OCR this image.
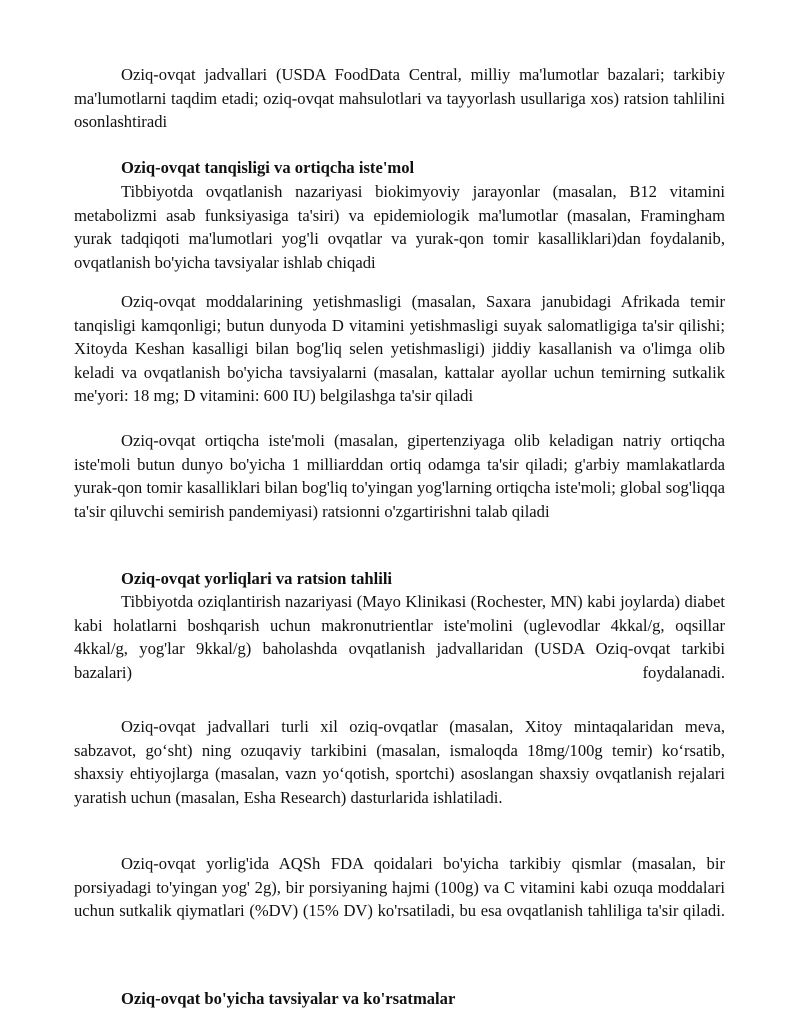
Oziq-ovqat jadvallari (USDA FoodData Central, milliy ma'lumotlar bazalari; tarkibiy ma'lumotlarni taqdim etadi; oziq-ovqat mahsulotlari va tayyorlash usullariga xos) ratsion tahlilini osonlashtiradi

Oziq-ovqat tanqisligi va ortiqcha iste'mol

Tibbiyotda ovqatlanish nazariyasi biokimyoviy jarayonlar (masalan, B12 vitamini metabolizmi asab funksiyasiga ta'siri) va epidemiologik ma'lumotlar (masalan, Framingham yurak tadqiqoti ma'lumotlari yog'li ovqatlar va yurak-qon tomir kasalliklari)dan foydalanib, ovqatlanish bo'yicha tavsiyalar ishlab chiqadi

Oziq-ovqat moddalarining yetishmasligi (masalan, Saxara janubidagi Afrikada temir tanqisligi kamqonligi; butun dunyoda D vitamini yetishmasligi suyak salomatligiga ta'sir qilishi; Xitoyda Keshan kasalligi bilan bog'liq selen yetishmasligi) jiddiy kasallanish va o'limga olib keladi va ovqatlanish bo'yicha tavsiyalarni (masalan, kattalar ayollar uchun temirning sutkalik me'yori: 18 mg; D vitamini: 600 IU) belgilashga ta'sir qiladi

Oziq-ovqat ortiqcha iste'moli (masalan, gipertenziyaga olib keladigan natriy ortiqcha iste'moli butun dunyo bo'yicha 1 milliarddan ortiq odamga ta'sir qiladi; g'arbiy mamlakatlarda yurak-qon tomir kasalliklari bilan bog'liq to'yingan yog'larning ortiqcha iste'moli; global sog'liqqa ta'sir qiluvchi semirish pandemiyasi) ratsionni o'zgartirishni talab qiladi

Oziq-ovqat yorliqlari va ratsion tahlili

Tibbiyotda oziqlantirish nazariyasi (Mayo Klinikasi (Rochester, MN) kabi joylarda) diabet kabi holatlarni boshqarish uchun makronutrientlar iste'molini (uglevodlar 4kkal/g, oqsillar 4kkal/g, yog'lar 9kkal/g) baholashda ovqatlanish jadvallaridan (USDA Oziq-ovqat tarkibi bazalari) foydalanadi.

Oziq-ovqat jadvallari turli xil oziq-ovqatlar (masalan, Xitoy mintaqalaridan meva, sabzavot, go‘sht) ning ozuqaviy tarkibini (masalan, ismaloqda 18mg/100g temir) ko‘rsatib, shaxsiy ehtiyojlarga (masalan, vazn yo‘qotish, sportchi) asoslangan shaxsiy ovqatlanish rejalari yaratish uchun (masalan, Esha Research) dasturlarida ishlatiladi.

Oziq-ovqat yorlig'ida AQSh FDA qoidalari bo'yicha tarkibiy qismlar (masalan, bir porsiyadagi to'yingan yog' 2g), bir porsiyaning hajmi (100g) va C vitamini kabi ozuqa moddalari uchun sutkalik qiymatlari (%DV) (15% DV) ko'rsatiladi, bu esa ovqatlanish tahliliga ta'sir qiladi.

Oziq-ovqat bo'yicha tavsiyalar va ko'rsatmalar
